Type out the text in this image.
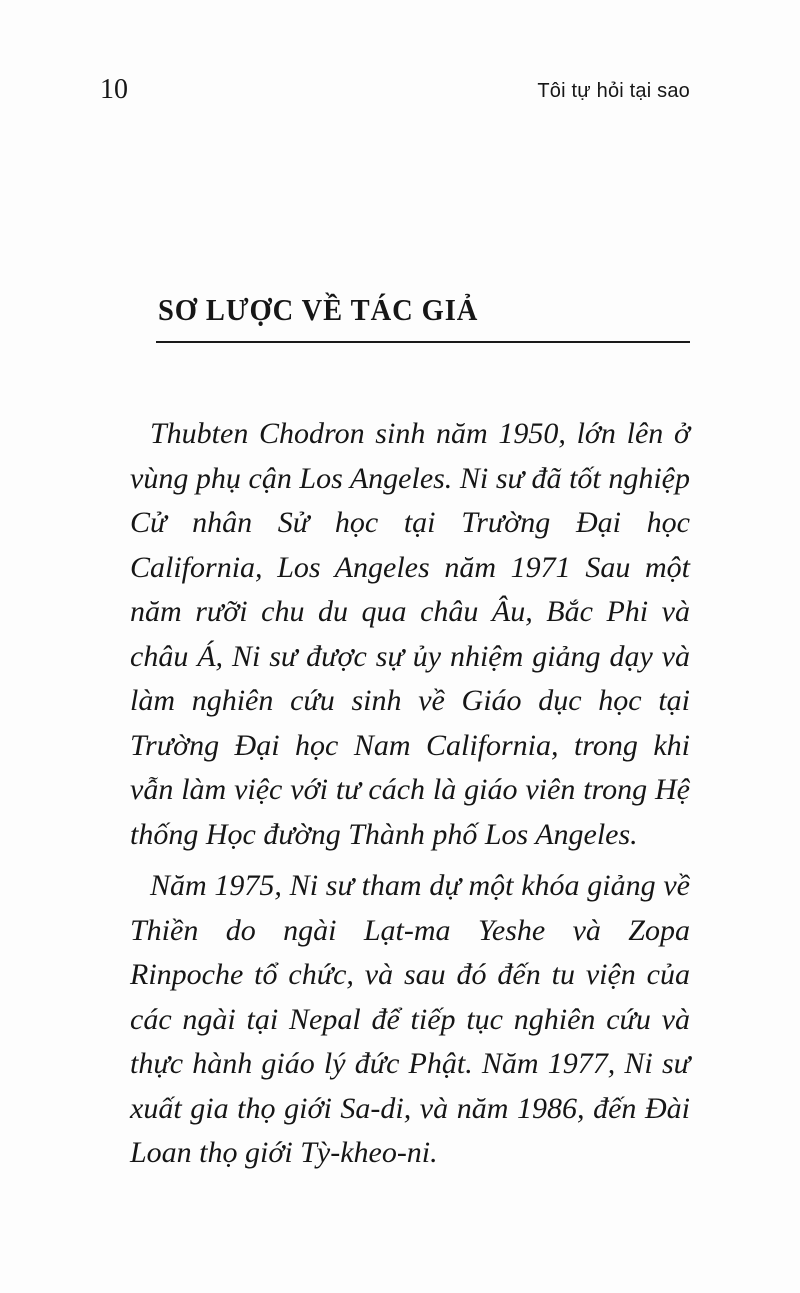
10	Tôi tự hỏi tại sao
SƠ LƯỢC VỀ TÁC GIẢ

Thubten Chodron sinh năm 1950, lớn lên ở vùng phụ cận Los Angeles. Ni sư đã tốt nghiệp Cử nhân Sử học tại Trường Đại học California, Los Angeles năm 1971 Sau một năm rưỡi chu du qua châu Âu, Bắc Phi và châu Á, Ni sư được sự ủy nhiệm giảng dạy và làm nghiên cứu sinh về Giáo dục học tại Trường Đại học Nam California, trong khi vẫn làm việc với tư cách là giáo viên trong Hệ thống Học đường Thành phố Los Angeles.

Năm 1975, Ni sư tham dự một khóa giảng về Thiền do ngài Lạt-ma Yeshe và Zopa Rinpoche tổ chức, và sau đó đến tu viện của các ngài tại Nepal để tiếp tục nghiên cứu và thực hành giáo lý đức Phật. Năm 1977, Ni sư xuất gia thọ giới Sa-di, và năm 1986, đến Đài Loan thọ giới Tỳ-kheo-ni.
